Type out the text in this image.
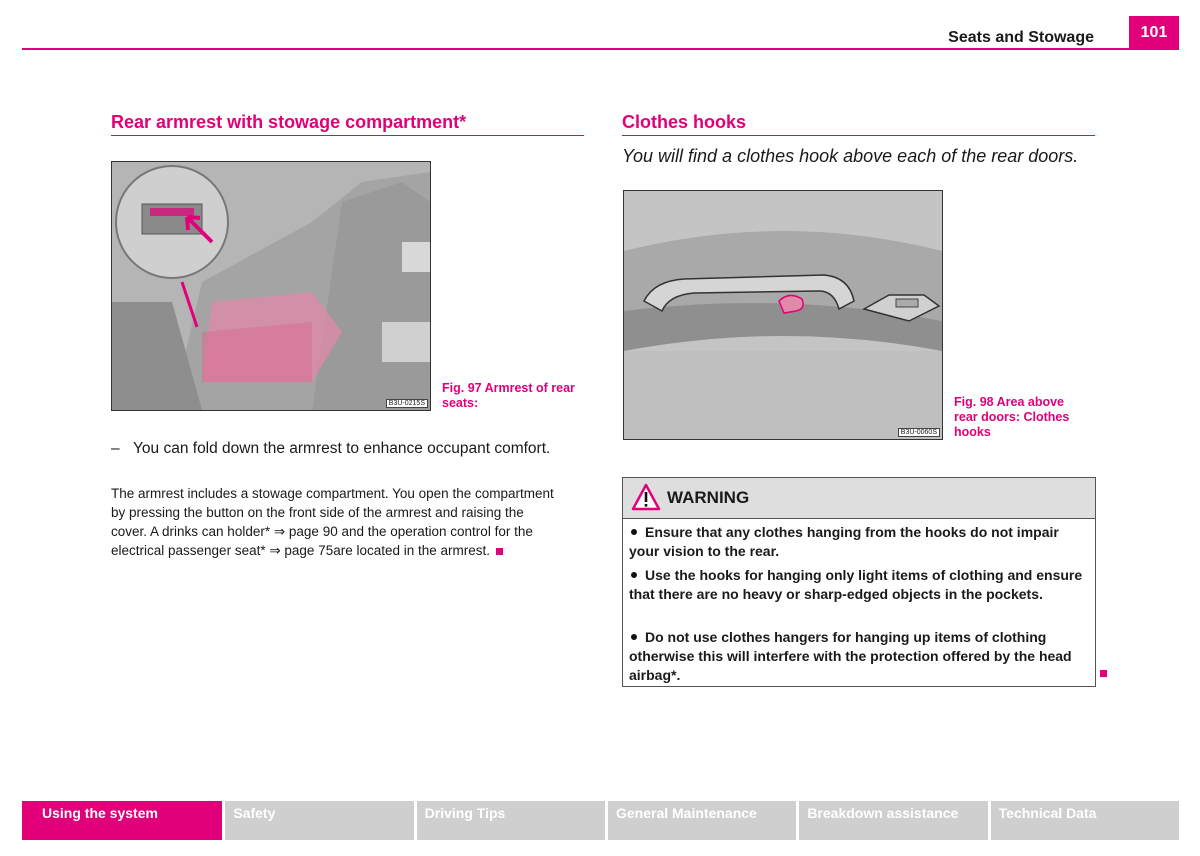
Seats and Stowage	101
Rear armrest with stowage compartment*
B3U-0215S
Fig. 97 Armrest of rear
seats:
– You can fold down the armrest to enhance occupant comfort.
The armrest includes a stowage compartment. You open the compartment
by pressing the button on the front side of the armrest and raising the
cover. A drinks can holder* ⇒ page 90 and the operation control for the
electrical passenger seat* ⇒ page 75are located in the armrest.
Clothes hooks
You will find a clothes hook above each of the rear doors.
B3U-0060S
Fig. 98 Area above
rear doors: Clothes
hooks
WARNING
Ensure that any clothes hanging from the hooks do not impair your vision to the rear.
Use the hooks for hanging only light items of clothing and ensure that there are no heavy or sharp-edged objects in the pockets.
Do not use clothes hangers for hanging up items of clothing otherwise this will interfere with the protection offered by the head airbag*.
Using the system	Safety	Driving Tips	General Maintenance	Breakdown assistance	Technical Data
